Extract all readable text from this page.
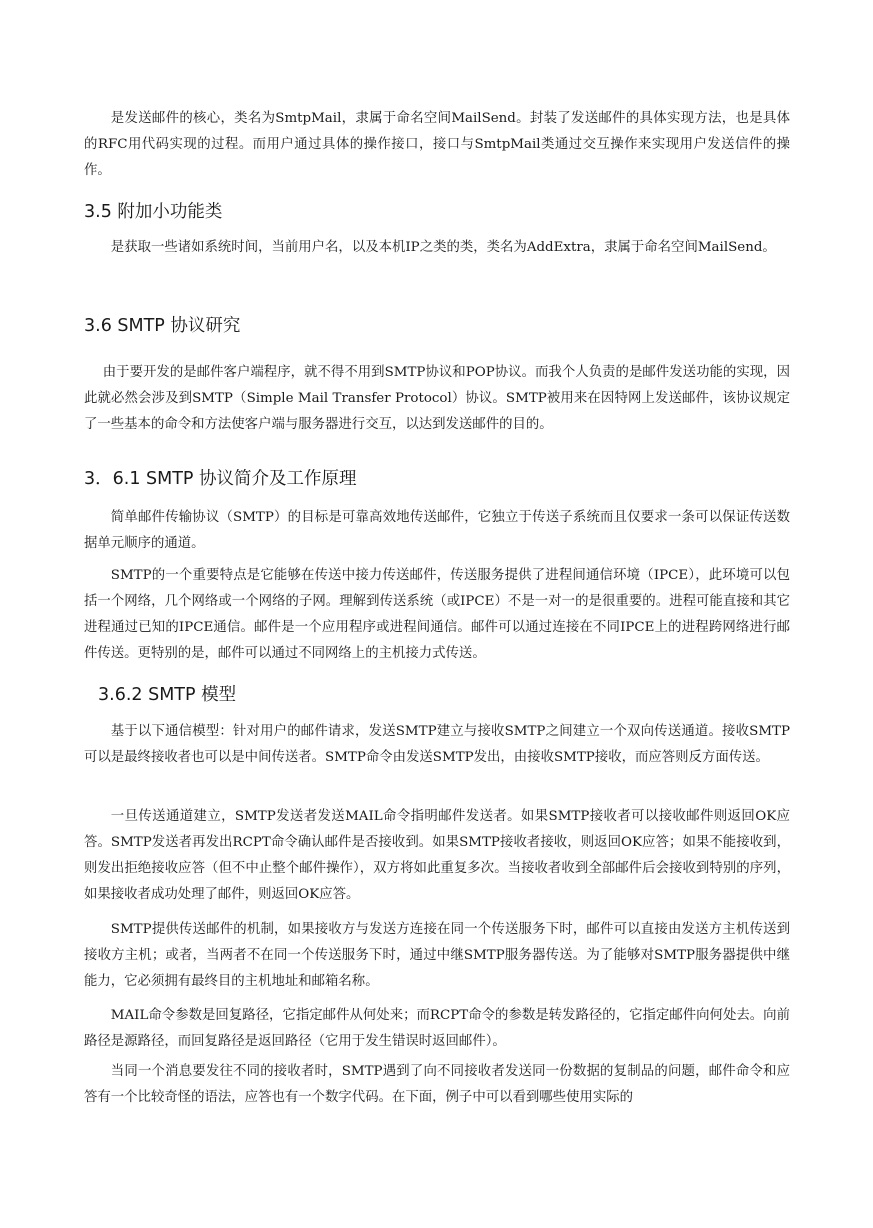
是发送邮件的核心，类名为SmtpMail，隶属于命名空间MailSend。封装了发送邮件的具体实现方法，也是具体的RFC用代码实现的过程。而用户通过具体的操作接口，接口与SmtpMail类通过交互操作来实现用户发送信件的操作。

3.5 附加小功能类

是获取一些诸如系统时间，当前用户名，以及本机IP之类的类，类名为AddExtra，隶属于命名空间MailSend。

3.6 SMTP 协议研究

由于要开发的是邮件客户端程序，就不得不用到SMTP协议和POP协议。而我个人负责的是邮件发送功能的实现，因此就必然会涉及到SMTP（Simple Mail Transfer Protocol）协议。SMTP被用来在因特网上发送邮件，该协议规定了一些基本的命令和方法使客户端与服务器进行交互，以达到发送邮件的目的。

3．6.1 SMTP 协议简介及工作原理

简单邮件传输协议（SMTP）的目标是可靠高效地传送邮件，它独立于传送子系统而且仅要求一条可以保证传送数据单元顺序的通道。

SMTP的一个重要特点是它能够在传送中接力传送邮件，传送服务提供了进程间通信环境（IPCE），此环境可以包括一个网络，几个网络或一个网络的子网。理解到传送系统（或IPCE）不是一对一的是很重要的。进程可能直接和其它进程通过已知的IPCE通信。邮件是一个应用程序或进程间通信。邮件可以通过连接在不同IPCE上的进程跨网络进行邮件传送。更特别的是，邮件可以通过不同网络上的主机接力式传送。

3.6.2 SMTP 模型

基于以下通信模型：针对用户的邮件请求，发送SMTP建立与接收SMTP之间建立一个双向传送通道。接收SMTP可以是最终接收者也可以是中间传送者。SMTP命令由发送SMTP发出，由接收SMTP接收，而应答则反方面传送。

一旦传送通道建立，SMTP发送者发送MAIL命令指明邮件发送者。如果SMTP接收者可以接收邮件则返回OK应答。SMTP发送者再发出RCPT命令确认邮件是否接收到。如果SMTP接收者接收，则返回OK应答；如果不能接收到，则发出拒绝接收应答（但不中止整个邮件操作），双方将如此重复多次。当接收者收到全部邮件后会接收到特别的序列，如果接收者成功处理了邮件，则返回OK应答。

SMTP提供传送邮件的机制，如果接收方与发送方连接在同一个传送服务下时，邮件可以直接由发送方主机传送到接收方主机；或者，当两者不在同一个传送服务下时，通过中继SMTP服务器传送。为了能够对SMTP服务器提供中继能力，它必须拥有最终目的主机地址和邮箱名称。

MAIL命令参数是回复路径，它指定邮件从何处来；而RCPT命令的参数是转发路径的，它指定邮件向何处去。向前路径是源路径，而回复路径是返回路径（它用于发生错误时返回邮件）。

当同一个消息要发往不同的接收者时，SMTP遇到了向不同接收者发送同一份数据的复制品的问题，邮件命令和应答有一个比较奇怪的语法，应答也有一个数字代码。在下面，例子中可以看到哪些使用实际的
